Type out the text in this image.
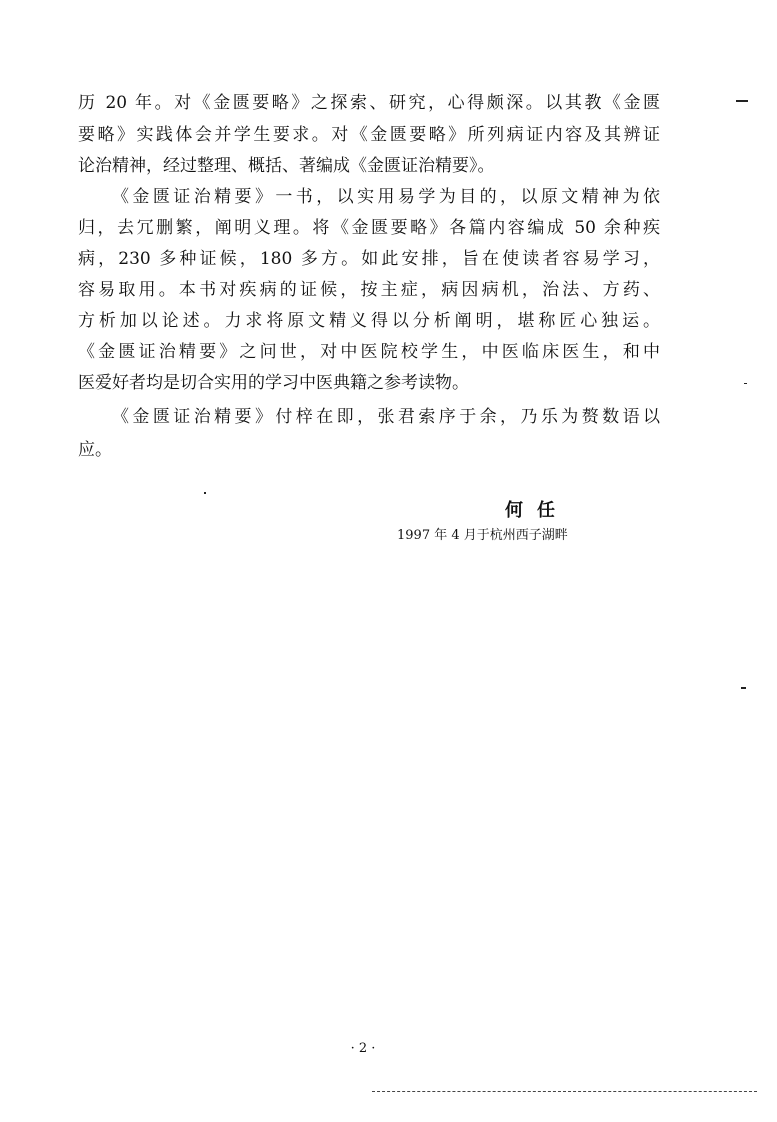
历 20 年。对《金匮要略》之探索、研究，心得颇深。以其教《金匮
要略》实践体会并学生要求。对《金匮要略》所列病证内容及其辨证
论治精神，经过整理、概括、著编成《金匮证治精要》。
《金匮证治精要》一书，以实用易学为目的，以原文精神为依
归，去冗删繁，阐明义理。将《金匮要略》各篇内容编成 50 余种疾
病，230 多种证候，180 多方。如此安排，旨在使读者容易学习，
容易取用。本书对疾病的证候，按主症，病因病机，治法、方药、
方析加以论述。力求将原文精义得以分析阐明，堪称匠心独运。
《金匮证治精要》之问世，对中医院校学生，中医临床医生，和中
医爱好者均是切合实用的学习中医典籍之参考读物。
《金匮证治精要》付梓在即，张君索序于余，乃乐为赘数语以
应。
何任
1997 年 4 月于杭州西子湖畔
· 2 ·
